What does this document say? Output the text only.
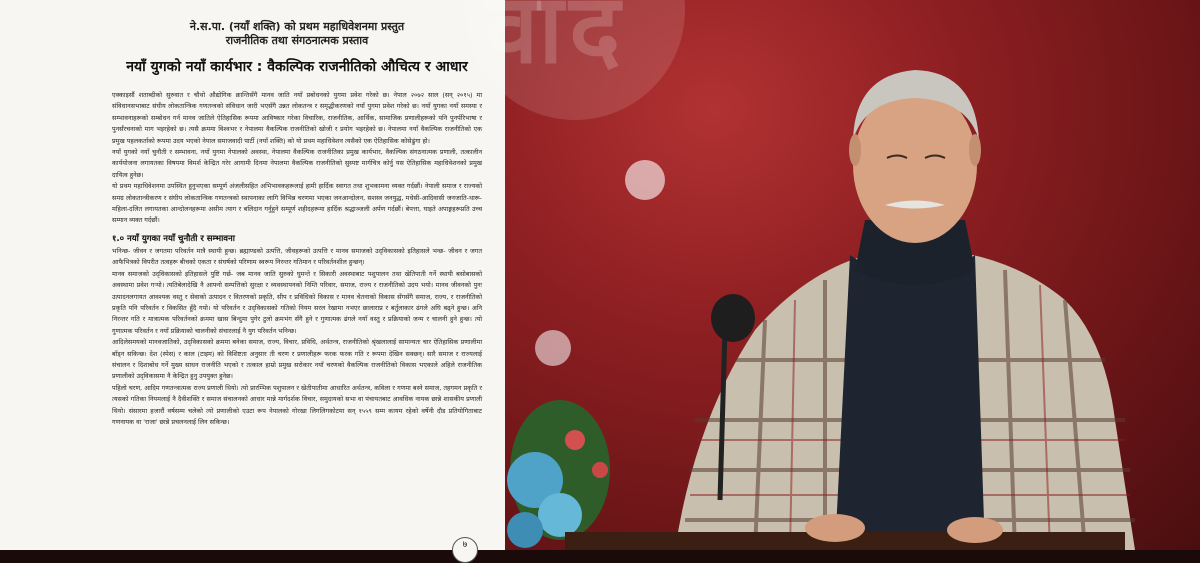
ने.स.पा. (नयाँ शक्ति) को प्रथम महाधिवेशनमा प्रस्तुत
राजनीतिक तथा संगठनात्मक प्रस्ताव
नयाँ युगको नयाँ कार्यभार : वैकल्पिक राजनीतिको औचित्य र आधार

एक्काइसौं शताब्दीको सुरुवात र चौथो औद्योगिक क्रान्तिसँगै मानव जाति नयाँ प्रबोधनको युगमा प्रवेश गरेको छ। नेपाल २०७२ साल (सन् २०१५) मा संविधानसभाबाट संघीय लोकतान्त्रिक गणतन्त्रको संविधान जारी भएसँगै उन्नत लोकतन्त्र र समृद्धीकरणको नयाँ युगमा प्रवेश गरेको छ। नयाँ युगका नयाँ समस्या र सम्भावनाहरूको सम्बोधन गर्न मानव जातिले ऐतिहासिक रूपमा आविष्कार गरेका विचारिक, राजनीतिक, आर्थिक, सामाजिक प्रणालीहरूको पनि पुनर्परिभाषा र पुनर्संरचनाको माग भइरहेको छ। त्यसै क्रममा विश्वभर र नेपालमा वैकल्पिक राजनीतिको खोजी र प्रयोग भइरहेको छ। नेपालमा नयाँ वैकल्पिक राजनीतिको एक प्रमुख पहलकर्ताको रूपमा उदय भएको नेपाल समाजवादी पार्टी (नयाँ शक्ति) को यो प्रथम महाधिवेशन त्यसैको एक ऐतिहासिक कोसेढुंगा हो।

नयाँ युगको नयाँ चुनौती र सम्भावना, नयाँ युगमा नेपालको अवस्था, नेपालमा वैकल्पिक राजनीतिका प्रमुख कार्यभार, वैकल्पिक संगठनात्मक प्रणाली, तत्कालीन कार्ययोजना लगायतका विषयमा विमर्श केन्द्रित गरेर आगामी दिनमा नेपालमा वैकल्पिक राजनीतिको सुस्पष्ट मार्गचित्र कोर्नु यस ऐतिहासिक महाधिवेशनको प्रमुख दायित्व हुनेछ।

यो प्रथम महाधिवेशनमा उपस्थित हुनुभएका सम्पूर्ण अंजलीसहित अभिभावकहरूलाई हामी हार्दिक स्वागत तथा शुभकामना व्यक्त गर्दछौं। नेपाली समाज र राज्यको समग्र लोकतान्त्रीकरण र संघीय लोकतान्त्रिक गणतन्त्रको स्थापनाका लागि विभिन्न चरणमा भएका जनआन्दोलन, सशस्त्र जनयुद्ध, मधेसी-आदिवासी जनजाति-थारू-महिला-दलित लगायतका आन्दोलनहरूमा असीम त्याग र बलिदान गर्नुहुने सम्पूर्ण शहीदहरूमा हार्दिक श्रद्धाञ्जली अर्पण गर्दछौं। बेपत्ता, घाइते अपाङ्गहरूप्रति उच्च सम्मान व्यक्त गर्दछौं।

१.० नयाँ युगका नयाँ चुनौती र सम्भावना

भनिन्छ- जीवन र जगतमा परिवर्तन मात्रै स्थायी हुन्छ। ब्रह्माण्डको उत्पत्ति, जीवहरूको उत्पत्ति र मानव समाजको उद्‌विकासको इतिहासले भन्छ- जीवन र जगत आफैभित्रको विपरीत तत्वहरू बीचको एकता र संघर्षको परिणाम स्वरूप निरन्तर गतिमान र परिवर्तनशील हुन्छन्।

मानव समाजको उद्‌विकासको इतिहासले पुष्टि गर्छ- जब मानव जाति सुरुको घुमन्ते र सिकारी अवस्थाबाट पशुपालन तथा खेतिपाती गर्ने स्थायी बसोबासको अवस्थामा प्रवेश गर्‍यो। त्यतिबेलादेखि नै आफ्नो सम्पत्तिको सुरक्षा र व्यवस्थापनको निम्ति परिवार, समाज, राज्य र राजनीतिको उदय भयो। मानव जीवनको पुनः उत्पादनलगायत आवश्यक वस्तु र सेवाको उत्पादन र वितरणको प्रकृति, सीप र प्रविधिको विकास र मानव चेतनाको विकास सँगसँगै समाज, राज्य, र राजनीतिको प्रकृति पनि परिवर्तन र विकसित हुँदै गयो। यो परिवर्तन र उद्‌विकासको गतिको नियम सरल रेखामा नभएर छालाराप्र र बर्तुलाकार ढंगले अघि बढ्ने हुन्छ। अनि निरन्तर गति र मात्रात्मक परिवर्तनको क्रममा खास बिन्दुमा पुगेर टुलो क्रमभंग सँगै हुने र गुणात्मक ढंगले नयाँ वस्तु र प्रक्रियाको जन्म र चालनी हुने हुन्छ। त्यो गुणात्मक परिवर्तन र नयाँ प्रक्रियाको चालनीको संचारलाई नै युग परिवर्तन भनिन्छ।

आदिलेसमयको मानवजातिको, उद्‌विकासको क्रममा बनेका समाज, राज्य, विचार, प्रविधि, अर्थतन्त्र, राजनीतिको श्रृंखलालाई सामान्यतः चार ऐतिहासिक प्रणालीमा बाँड्न सकिन्छ। देश (स्पेस) र काल (टाइम) को विशिष्टता अनुसार ती चरण र प्रणालीहरू फरक फरक गति र रूपमा देखिन सक्छन्। सारै समाज र राज्यलाई संचालन र दिशाबोध गर्ने मुख्य साधन राजनीति भएको र तत्काल हाम्रो प्रमुख सरोकार नयाँ चरणको वैकल्पिक राजनीतिको विकास भएकाले अहिले राजनीतिक प्रणालीको उद्‌विकासमा नै केन्द्रित हुनु उपयुक्त हुनेछ।

पहिलो चरण, आदिम गणतन्त्रात्मक राज्य प्रणाली थियो। त्यो प्रारम्भिक पशुपालन र खेतीपातीमा आधारित अर्थतन्त्र, कविला र गणमा बस्ने समाज, तहगमन प्रकृति र त्यसको गतिका नियमलाई नै दैवीशक्ति र समाज संचालनको आधार मान्ने मार्गदर्शक विचार, समुदायको सभा वा पंचायतबाट आवधिक नायक छान्ने शासकीय प्रणाली थियो। संसारमा हजारौं वर्षसम्म चलेको त्यो प्रणालीको एउटा रूप नेपालको गोरखा लिगलिगकोटमा सन् १५५९ सम्म कायम रहेको वर्षेनी दौड प्रतियोगिताबाट गणनायक वा 'राजा' छान्ने प्रचलनलाई लिन सकिन्छ।

७
वाद
